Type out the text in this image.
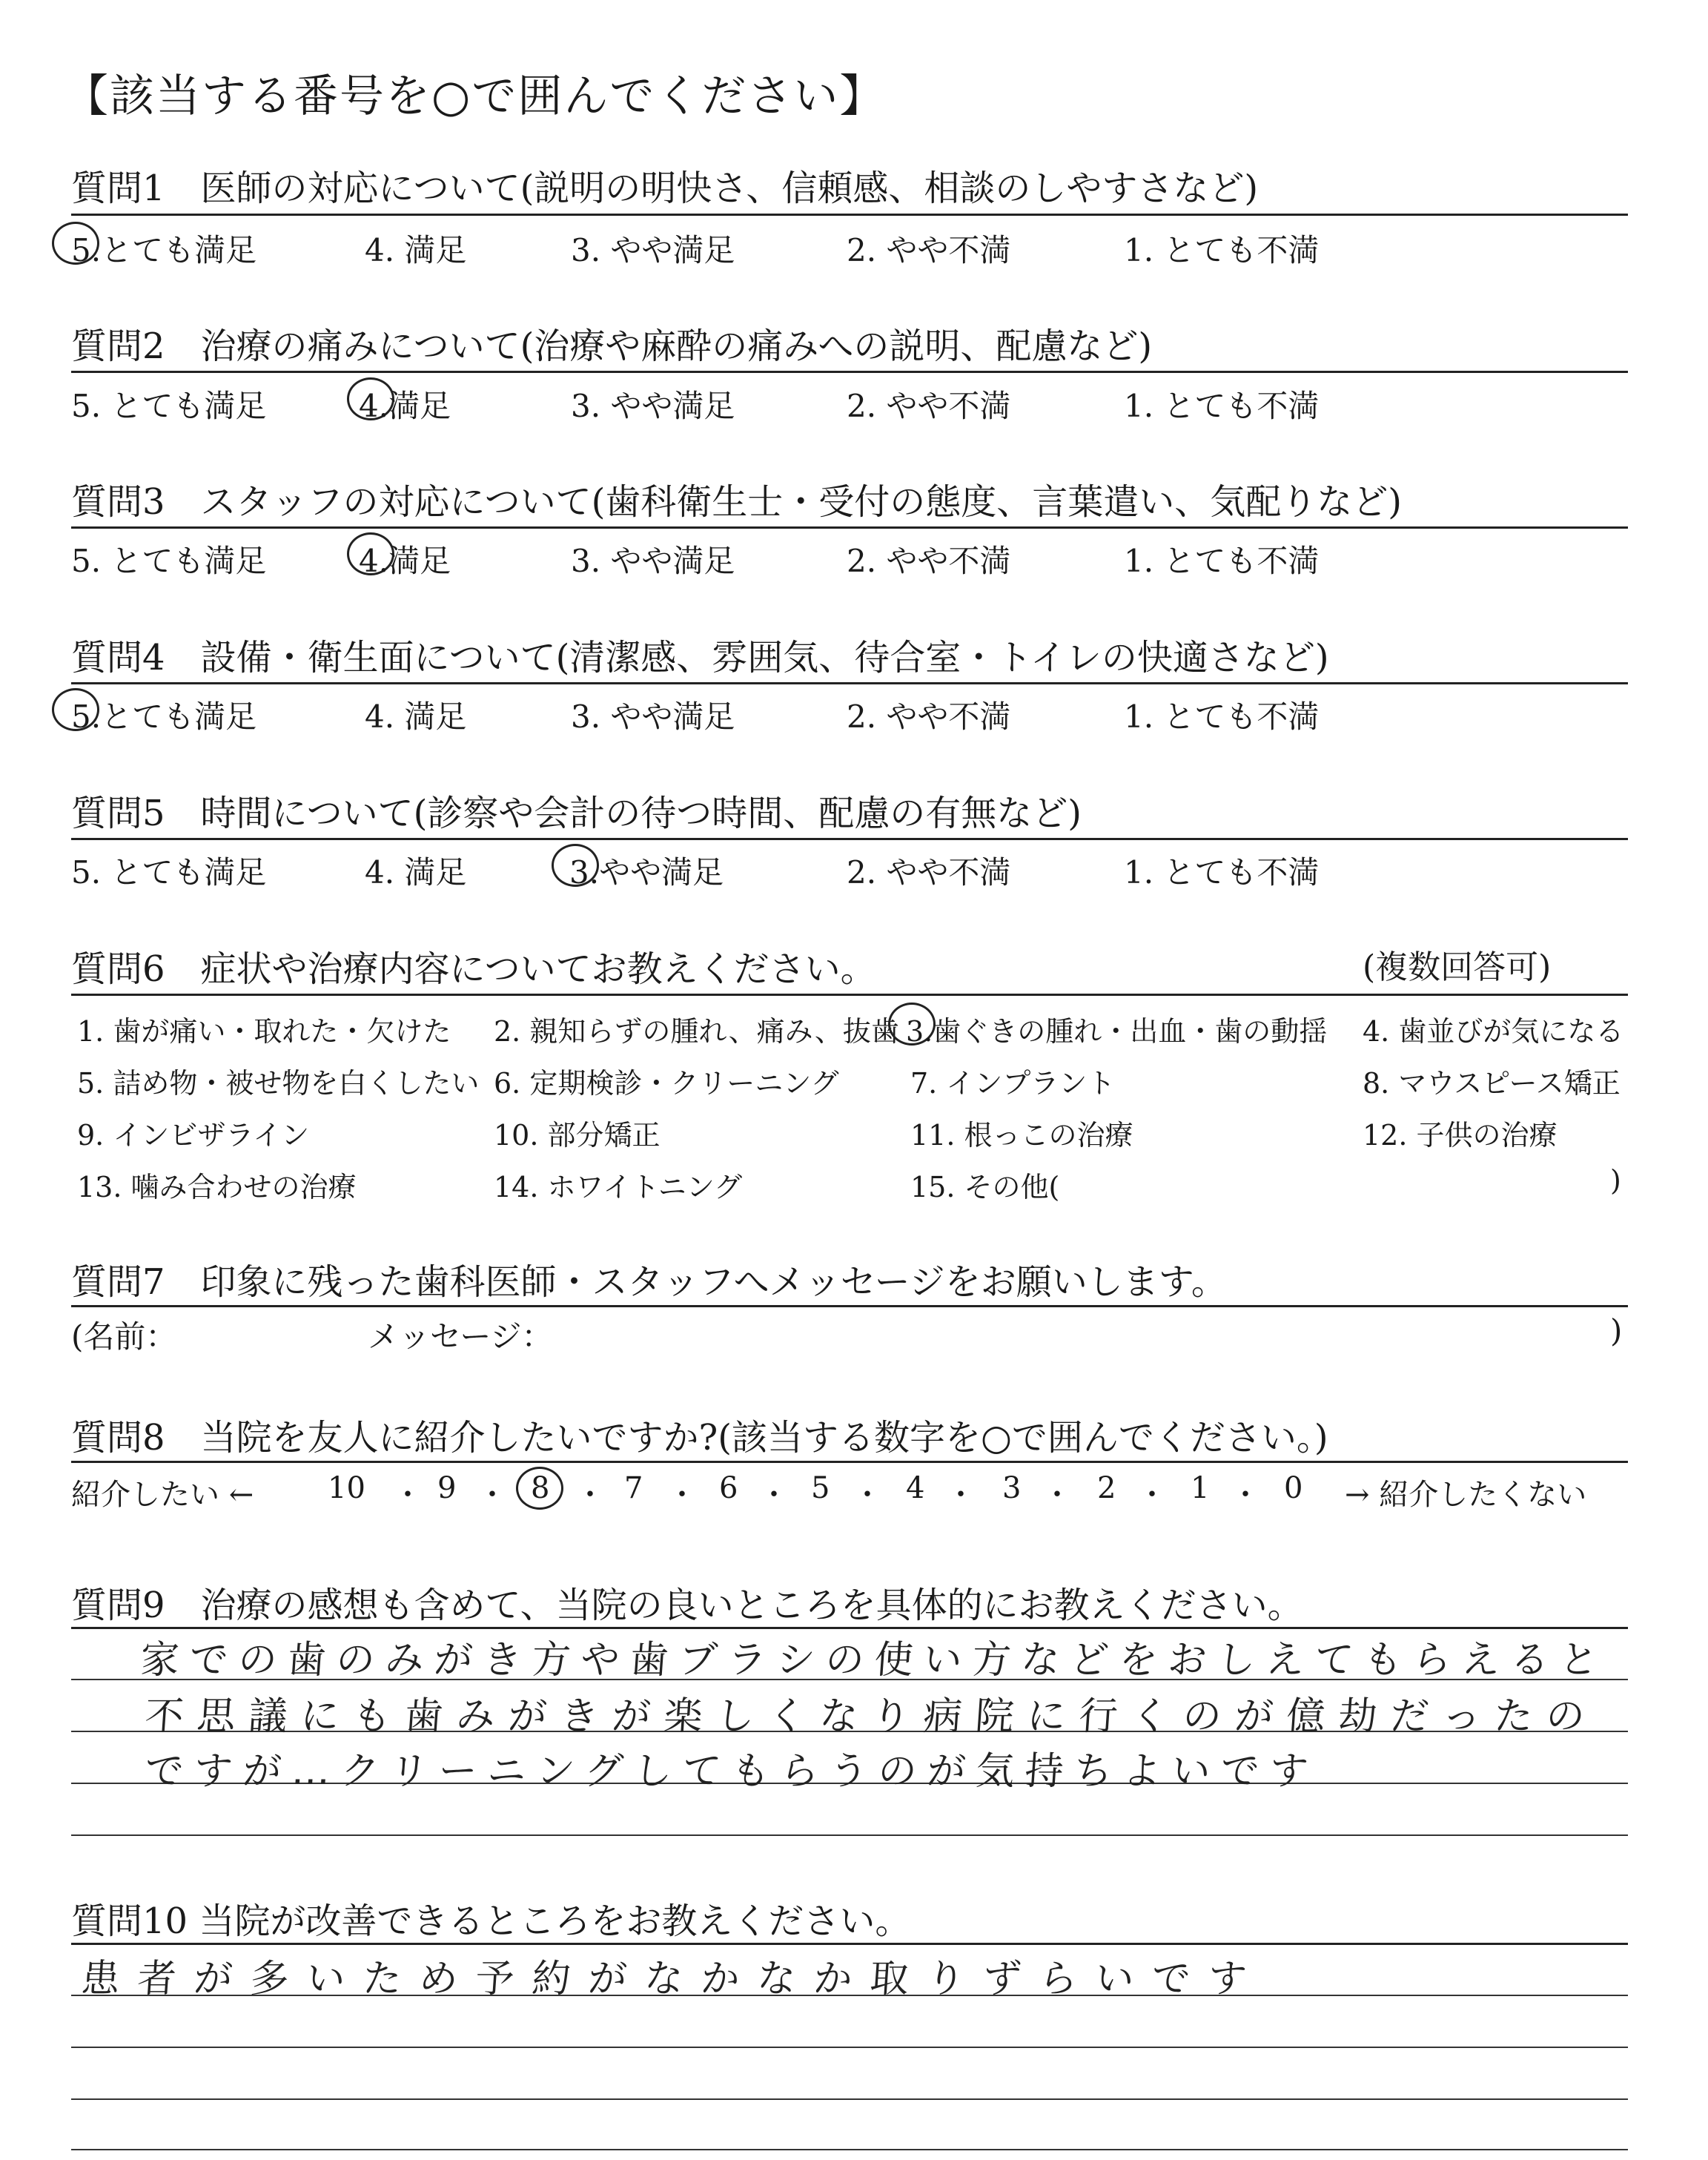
【該当する番号を○で囲んでください】
質問1　医師の対応について(説明の明快さ、信頼感、相談のしやすさなど)
5.とても満足	4. 満足	3. やや満足	2. やや不満	1. とても不満
質問2　治療の痛みについて(治療や麻酔の痛みへの説明、配慮など)
5. とても満足	4.満足	3. やや満足	2. やや不満	1. とても不満
質問3　スタッフの対応について(歯科衛生士・受付の態度、言葉遣い、気配りなど)
5. とても満足	4.満足	3. やや満足	2. やや不満	1. とても不満
質問4　設備・衛生面について(清潔感、雰囲気、待合室・トイレの快適さなど)
5.とても満足	4. 満足	3. やや満足	2. やや不満	1. とても不満
質問5　時間について(診察や会計の待つ時間、配慮の有無など)
5. とても満足	4. 満足	3.やや満足	2. やや不満	1. とても不満
質問6　症状や治療内容についてお教えください。	(複数回答可)
1. 歯が痛い・取れた・欠けた 2. 親知らずの腫れ、痛み、抜歯 3.歯ぐきの腫れ・出血・歯の動揺 4. 歯並びが気になる
5. 詰め物・被せ物を白くしたい 6. 定期検診・クリーニング	7. インプラント	8. マウスピース矯正
9. インビザライン	10. 部分矯正	11. 根っこの治療	12. 子供の治療
13. 噛み合わせの治療	14. ホワイトニング	15. その他(	)
質問7　印象に残った歯科医師・スタッフへメッセージをお願いします。
(名前：	メッセージ：	)
質問8　当院を友人に紹介したいですか?(該当する数字を○で囲んでください。)
紹介したい ← 10 ・ 9 ・ 8 ・ 7 ・ 6 ・ 5 ・ 4 ・ 3 ・ 2 ・ 1 ・ 0 → 紹介したくない
質問9　治療の感想も含めて、当院の良いところを具体的にお教えください。
家での歯のみがき方や歯ブラシの使い方などをおしえてもらえると
不思議にも歯みがきが楽しくなり病院に行くのが億劫だったの
ですが…クリーニングしてもらうのが気持ちよいです
質問10 当院が改善できるところをお教えください。
患者が多いため予約がなかなか取りずらいです
